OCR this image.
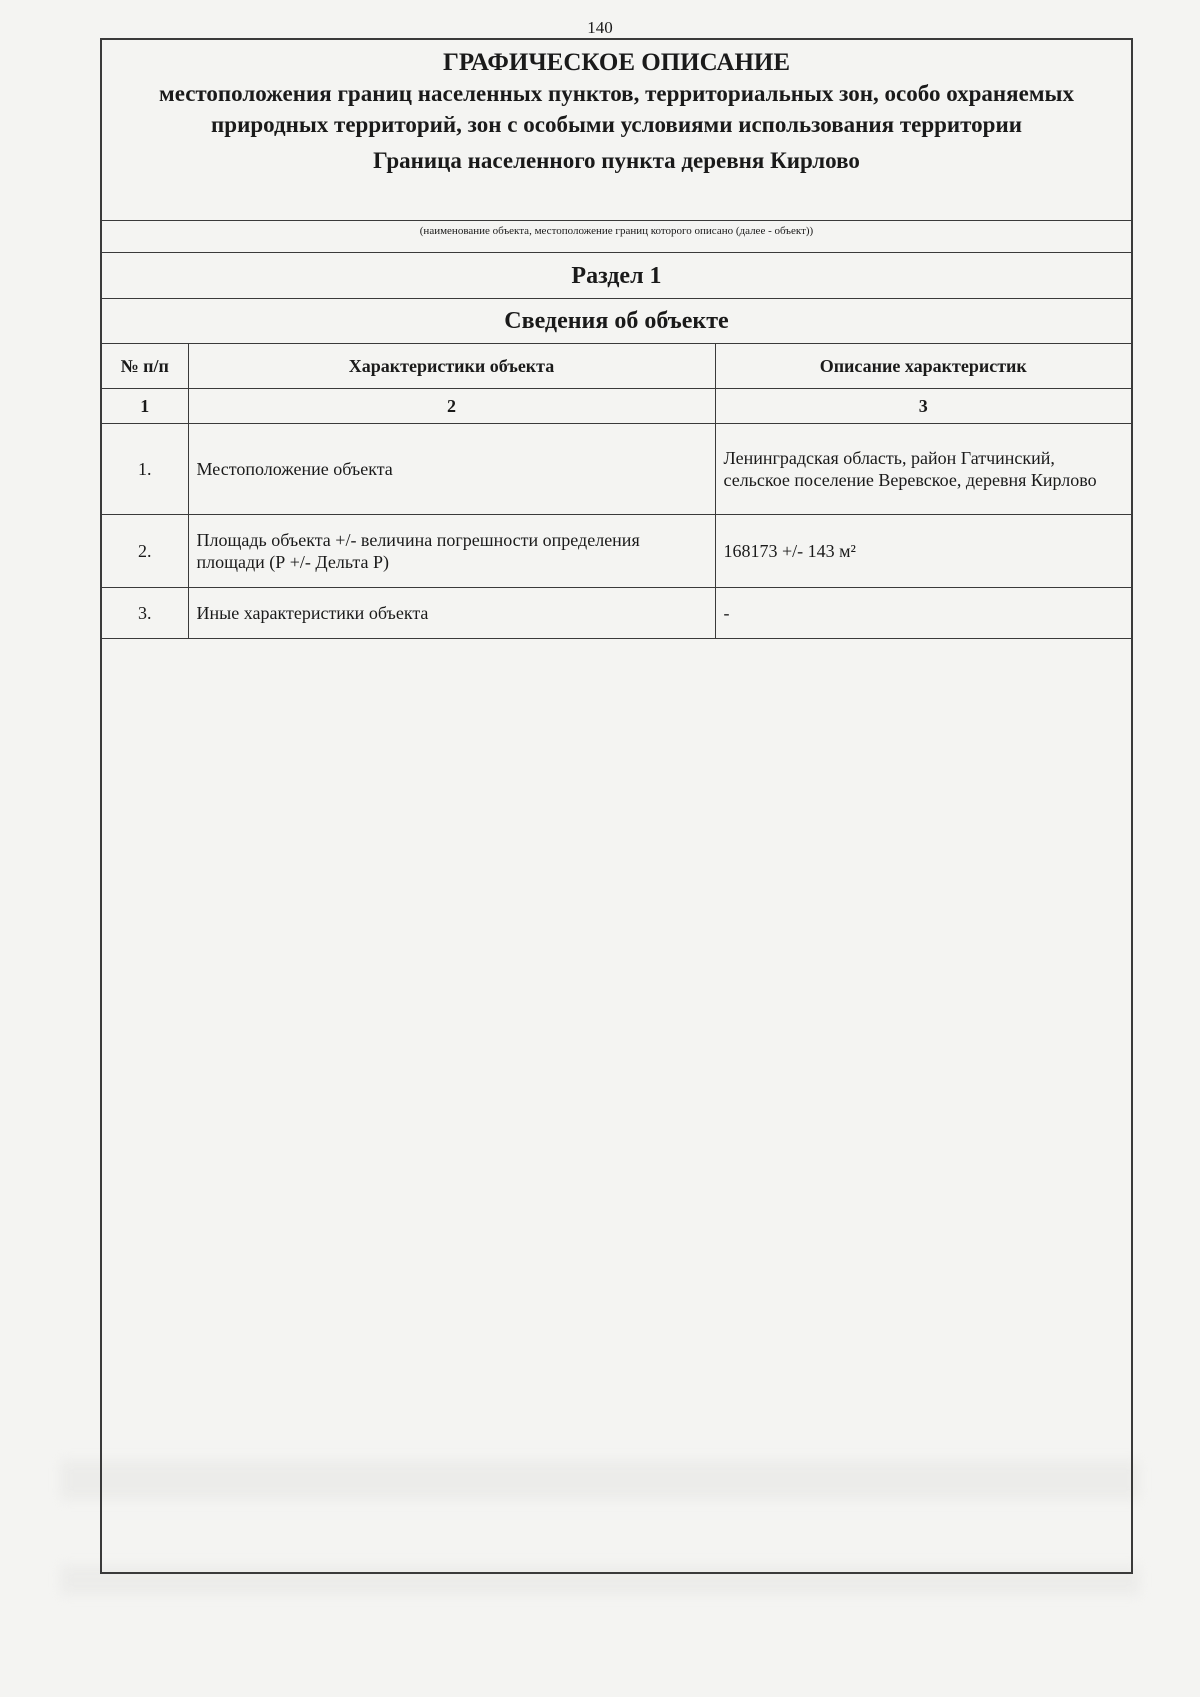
140
ГРАФИЧЕСКОЕ ОПИСАНИЕ
местоположения границ населенных пунктов, территориальных зон, особо охраняемых природных территорий, зон с особыми условиями использования территории
Граница населенного пункта деревня Кирлово
(наименование объекта, местоположение границ которого описано (далее - объект))
Раздел 1
Сведения об объекте
№ п/п	Характеристики объекта	Описание характеристик
1	2	3
1.	Местоположение объекта	Ленинградская область, район Гатчинский, сельское поселение Веревское, деревня Кирлово
2.	Площадь объекта +/- величина погрешности определения площади (Р +/- Дельта Р)	168173 +/- 143 м²
3.	Иные характеристики объекта	-
